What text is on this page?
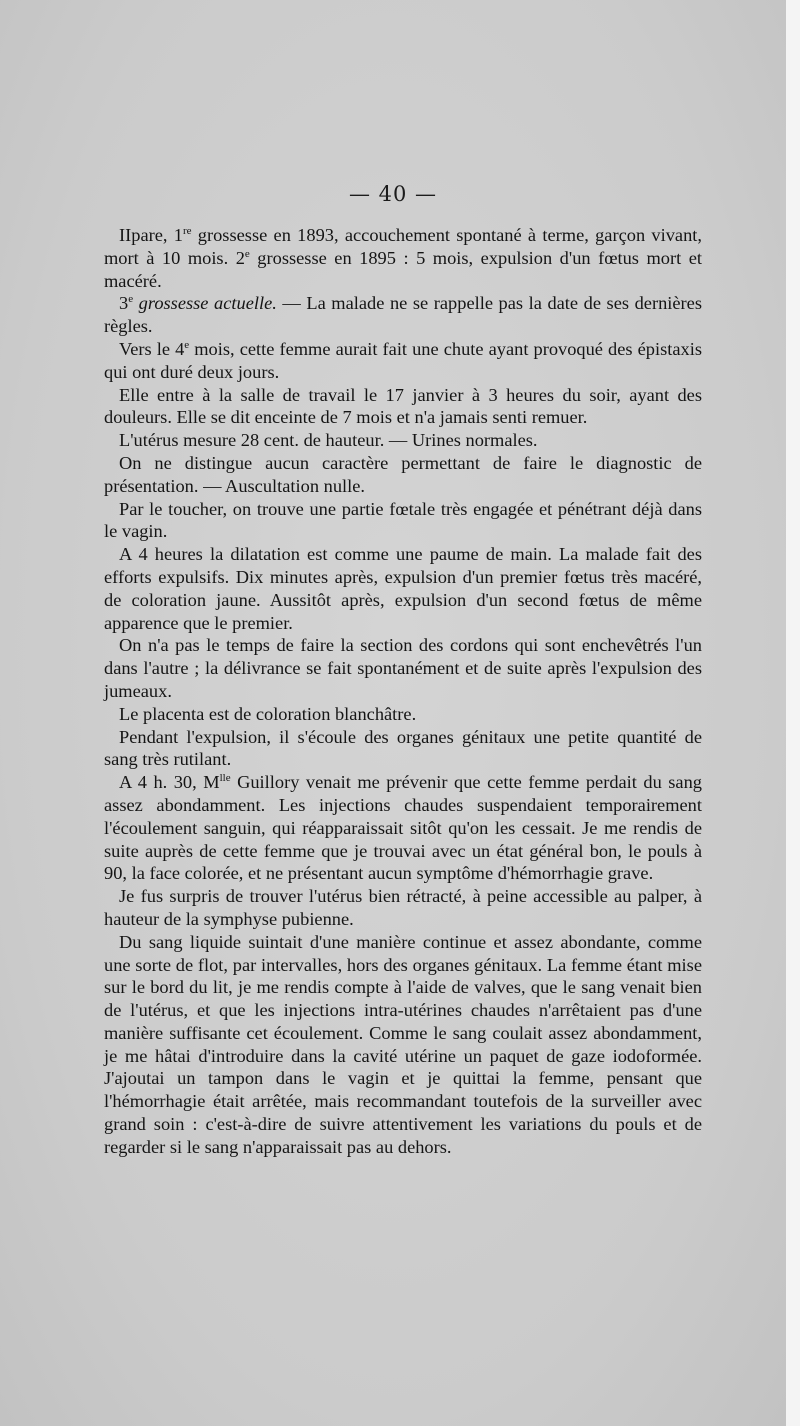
— 40 —

IIpare, 1re grossesse en 1893, accouchement spontané à terme, garçon vivant, mort à 10 mois. 2e grossesse en 1895 : 5 mois, expulsion d'un fœtus mort et macéré.

3e grossesse actuelle. — La malade ne se rappelle pas la date de ses dernières règles.

Vers le 4e mois, cette femme aurait fait une chute ayant provoqué des épistaxis qui ont duré deux jours.

Elle entre à la salle de travail le 17 janvier à 3 heures du soir, ayant des douleurs. Elle se dit enceinte de 7 mois et n'a jamais senti remuer.

L'utérus mesure 28 cent. de hauteur. — Urines normales.

On ne distingue aucun caractère permettant de faire le diagnostic de présentation. — Auscultation nulle.

Par le toucher, on trouve une partie fœtale très engagée et pénétrant déjà dans le vagin.

A 4 heures la dilatation est comme une paume de main. La malade fait des efforts expulsifs. Dix minutes après, expulsion d'un premier fœtus très macéré, de coloration jaune. Aussitôt après, expulsion d'un second fœtus de même apparence que le premier.

On n'a pas le temps de faire la section des cordons qui sont enchevêtrés l'un dans l'autre ; la délivrance se fait spontanément et de suite après l'expulsion des jumeaux.

Le placenta est de coloration blanchâtre.

Pendant l'expulsion, il s'écoule des organes génitaux une petite quantité de sang très rutilant.

A 4 h. 30, $M^{lle}$ Guillory venait me prévenir que cette femme perdait du sang assez abondamment. Les injections chaudes suspendaient temporairement l'écoulement sanguin, qui réapparaissait sitôt qu'on les cessait. Je me rendis de suite auprès de cette femme que je trouvai avec un état général bon, le pouls à 90, la face colorée, et ne présentant aucun symptôme d'hémorrhagie grave.

Je fus surpris de trouver l'utérus bien rétracté, à peine accessible au palper, à hauteur de la symphyse pubienne.

Du sang liquide suintait d'une manière continue et assez abondante, comme une sorte de flot, par intervalles, hors des organes génitaux. La femme étant mise sur le bord du lit, je me rendis compte à l'aide de valves, que le sang venait bien de l'utérus, et que les injections intra-utérines chaudes n'arrêtaient pas d'une manière suffisante cet écoulement. Comme le sang coulait assez abondamment, je me hâtai d'introduire dans la cavité utérine un paquet de gaze iodoformée. J'ajoutai un tampon dans le vagin et je quittai la femme, pensant que l'hémorrhagie était arrêtée, mais recommandant toutefois de la surveiller avec grand soin : c'est-à-dire de suivre attentivement les variations du pouls et de regarder si le sang n'apparaissait pas au dehors.
